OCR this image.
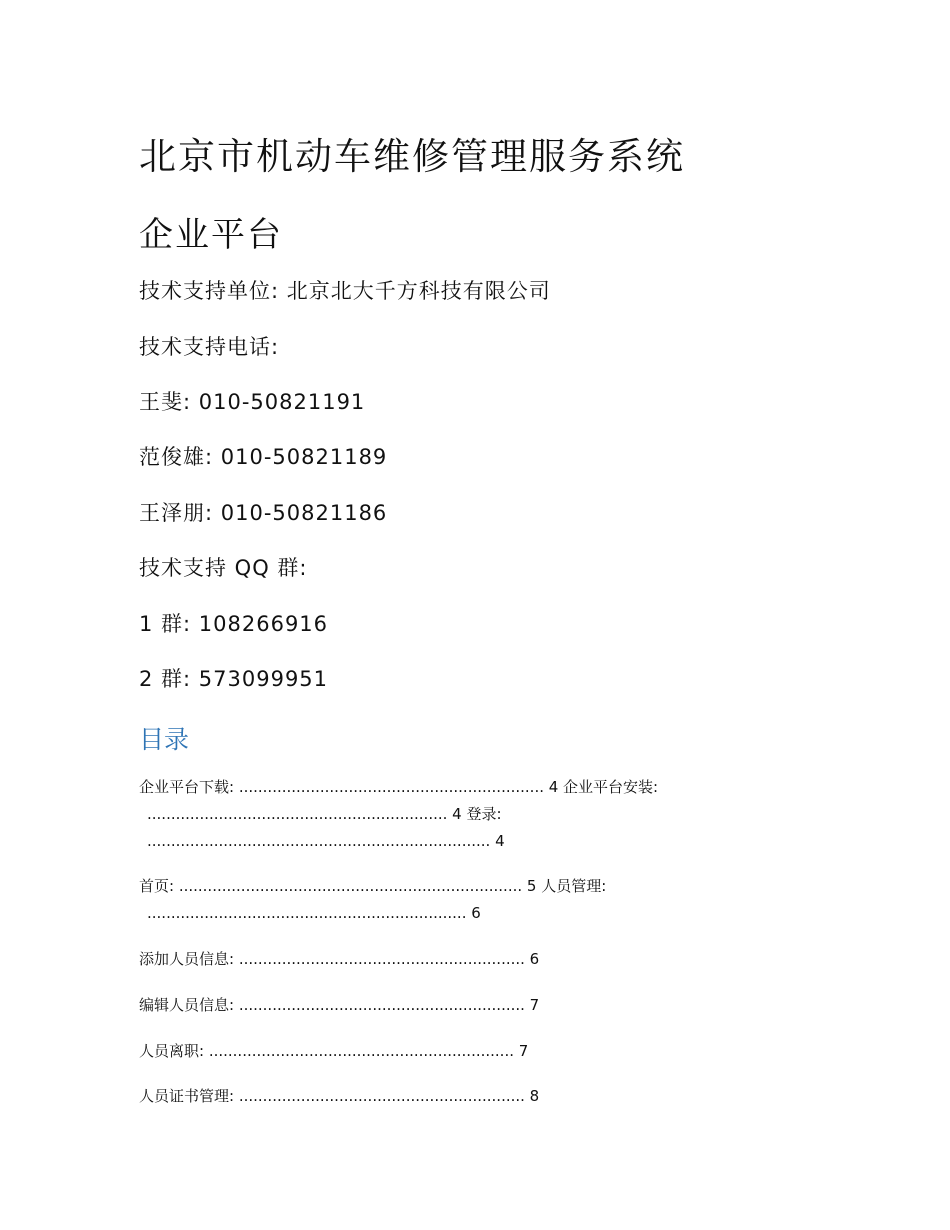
北京市机动车维修管理服务系统
企业平台
技术支持单位: 北京北大千方科技有限公司
技术支持电话:
王斐: 010-50821191
范俊雄: 010-50821189
王泽朋: 010-50821186
技术支持 QQ 群:
1 群: 108266916
2 群: 573099951
目录
企业平台下载: ................................................................ 4 企业平台安装:
............................................................... 4 登录:
........................................................................ 4
首页: ........................................................................ 5 人员管理:
................................................................... 6
添加人员信息: ............................................................ 6
编辑人员信息: ............................................................ 7
人员离职: ................................................................ 7
人员证书管理: ............................................................ 8
